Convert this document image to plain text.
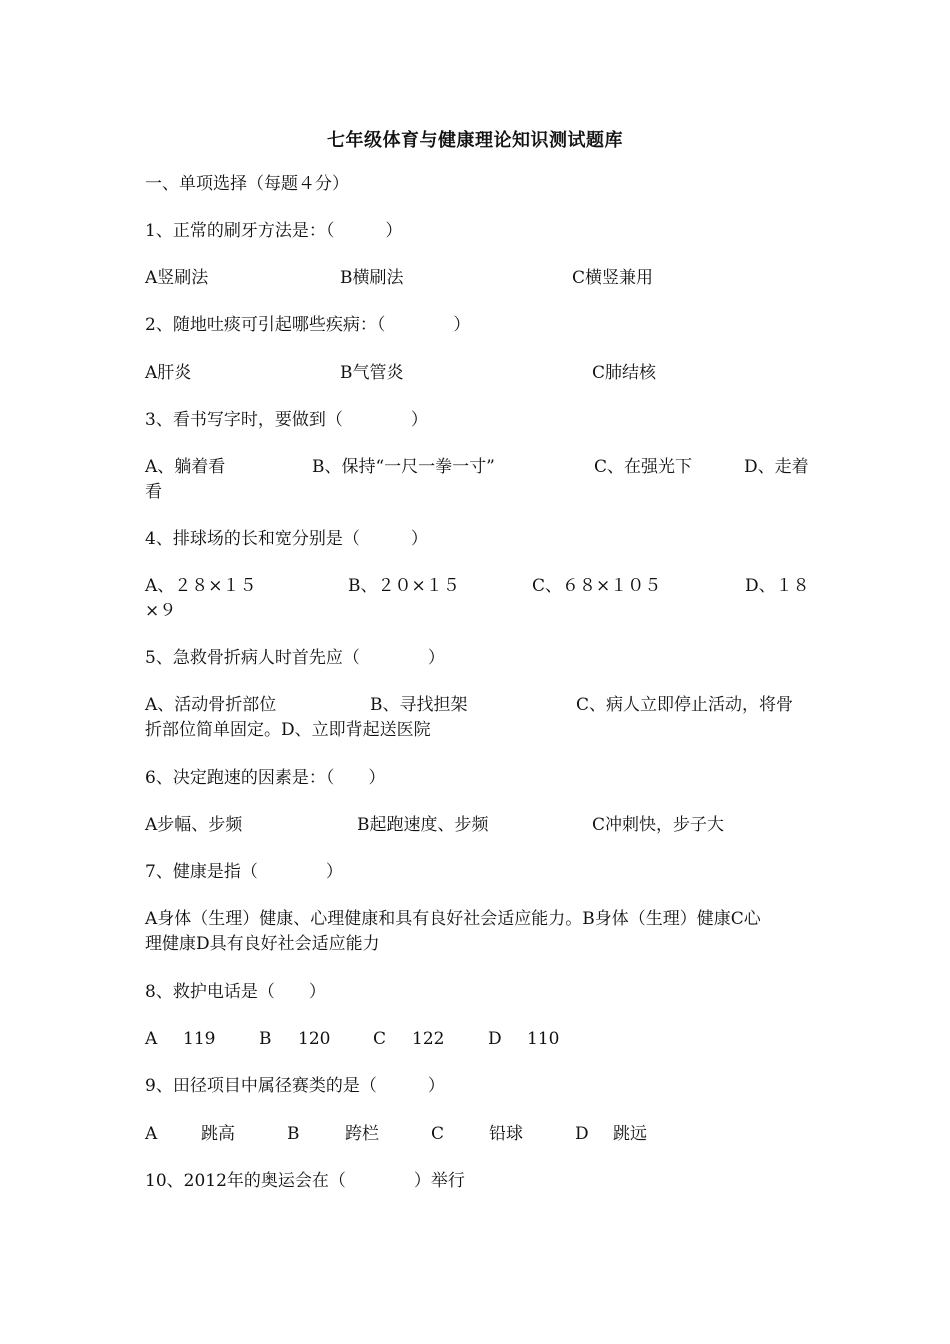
七年级体育与健康理论知识测试题库
一、单项选择（每题４分）
1、正常的刷牙方法是：（　　　）
A竖刷法	B横刷法	C横竖兼用
2、随地吐痰可引起哪些疾病：（　　　　）
A肝炎	B气管炎	C肺结核
3、看书写字时，要做到（　　　　）
A、躺着看	B、保持“一尺一拳一寸”	C、在强光下	D、走着
看
4、排球场的长和宽分别是（　　　）
A、２８×１５	B、２０×１５	C、６８×１０５	D、１８
×９
5、急救骨折病人时首先应（　　　　）
A、活动骨折部位	B、寻找担架	C、病人立即停止活动，将骨
折部位简单固定。D、立即背起送医院
6、决定跑速的因素是：（　　）
A步幅、步频	B起跑速度、步频	C冲刺快，步子大
7、健康是指（　　　　）
A身体（生理）健康、心理健康和具有良好社会适应能力。B身体（生理）健康C心
理健康D具有良好社会适应能力
8、救护电话是（　　）
A 119	B 120	C 122	D 110
9、田径项目中属径赛类的是（　　　）
A	跳高	B	跨栏	C	铅球	D 跳远
10、2012年的奥运会在（　　　　）举行
